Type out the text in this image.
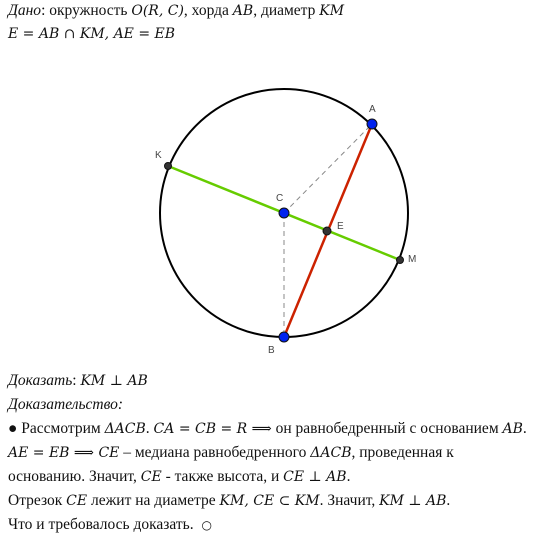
Дано: окружность O(R, C), хорда AB, диаметр KM
E = AB ∩ KM, AE = EB
A
B
C
E
K
M
Доказать: KM ⊥ AB
Доказательство:
● Рассмотрим ΔACB. CA = CB = R ⟹ он равнобедренный с основанием AB.
AE = EB ⟹ CE – медиана равнобедренного ΔACB, проведенная к
основанию. Значит, CE - также высота, и CE ⊥ AB.
Отрезок CE лежит на диаметре KM, CE ⊂ KM. Значит, KM ⊥ AB.
Что и требовалось доказать. ○
